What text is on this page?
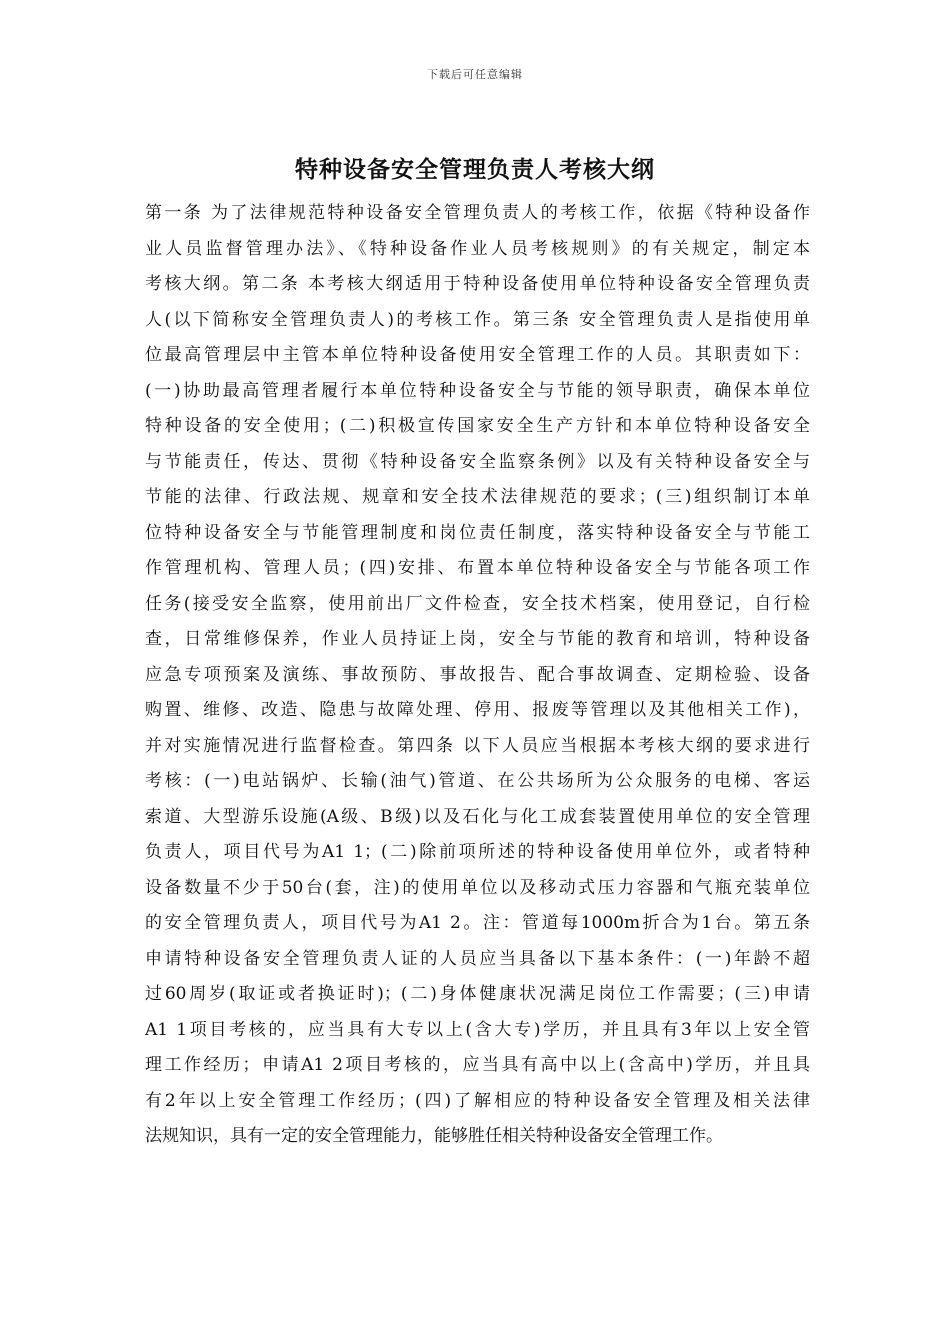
下载后可任意编辑
特种设备安全管理负责人考核大纲
第一条 为了法律规范特种设备安全管理负责人的考核工作，依据《特种设备作
业人员监督管理办法》、《特种设备作业人员考核规则》的有关规定，制定本
考核大纲。第二条 本考核大纲适用于特种设备使用单位特种设备安全管理负责
人(以下简称安全管理负责人)的考核工作。第三条 安全管理负责人是指使用单
位最高管理层中主管本单位特种设备使用安全管理工作的人员。其职责如下：
(一)协助最高管理者履行本单位特种设备安全与节能的领导职责，确保本单位
特种设备的安全使用；(二)积极宣传国家安全生产方针和本单位特种设备安全
与节能责任，传达、贯彻《特种设备安全监察条例》以及有关特种设备安全与
节能的法律、行政法规、规章和安全技术法律规范的要求；(三)组织制订本单
位特种设备安全与节能管理制度和岗位责任制度，落实特种设备安全与节能工
作管理机构、管理人员；(四)安排、布置本单位特种设备安全与节能各项工作
任务(接受安全监察，使用前出厂文件检查，安全技术档案，使用登记，自行检
查，日常维修保养，作业人员持证上岗，安全与节能的教育和培训，特种设备
应急专项预案及演练、事故预防、事故报告、配合事故调查、定期检验、设备
购置、维修、改造、隐患与故障处理、停用、报废等管理以及其他相关工作)，
并对实施情况进行监督检查。第四条 以下人员应当根据本考核大纲的要求进行
考核：(一)电站锅炉、长输(油气)管道、在公共场所为公众服务的电梯、客运
索道、大型游乐设施(A级、B级)以及石化与化工成套装置使用单位的安全管理
负责人，项目代号为A1 1；(二)除前项所述的特种设备使用单位外，或者特种
设备数量不少于50台(套，注)的使用单位以及移动式压力容器和气瓶充装单位
的安全管理负责人，项目代号为A1 2。注：管道每1000m折合为1台。第五条
申请特种设备安全管理负责人证的人员应当具备以下基本条件：(一)年龄不超
过60周岁(取证或者换证时)；(二)身体健康状况满足岗位工作需要；(三)申请
A1 1项目考核的，应当具有大专以上(含大专)学历，并且具有3年以上安全管
理工作经历；申请A1 2项目考核的，应当具有高中以上(含高中)学历，并且具
有2年以上安全管理工作经历；(四)了解相应的特种设备安全管理及相关法律
法规知识，具有一定的安全管理能力，能够胜任相关特种设备安全管理工作。
